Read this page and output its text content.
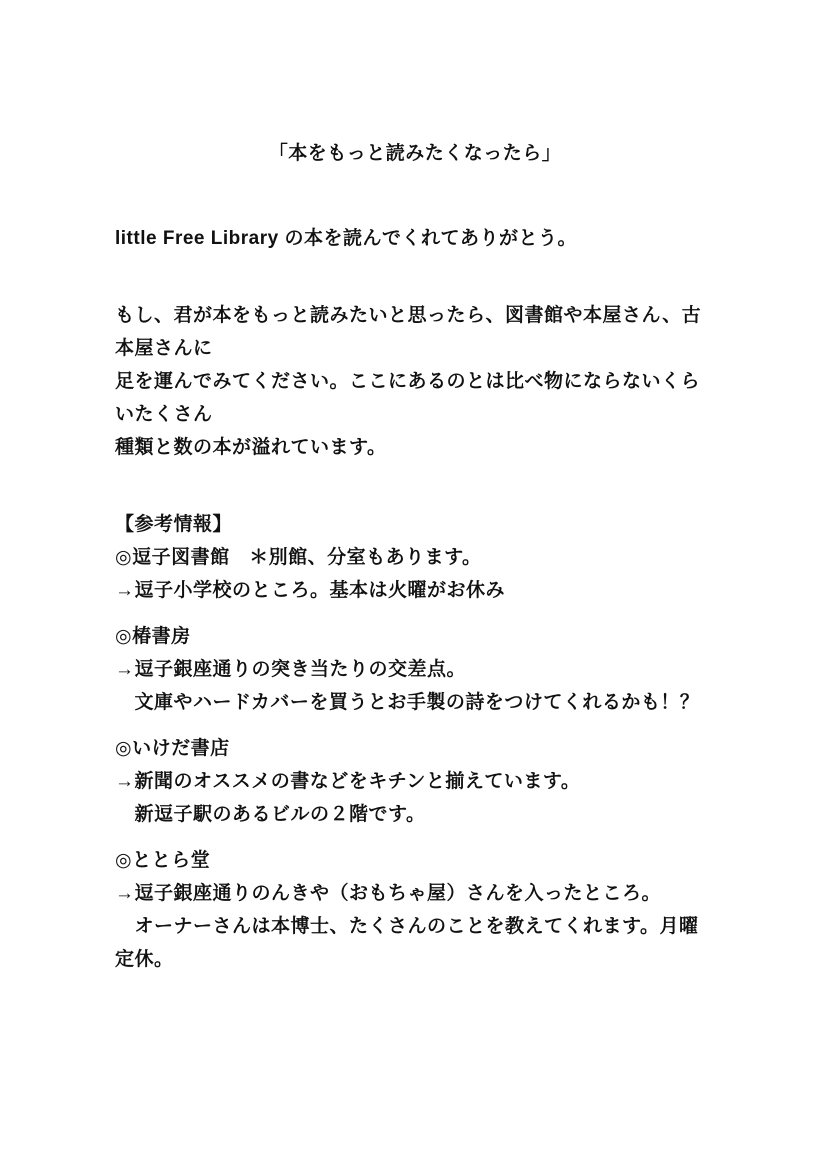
「本をもっと読みたくなったら」
little Free Library の本を読んでくれてありがとう。
もし、君が本をもっと読みたいと思ったら、図書館や本屋さん、古本屋さんに
足を運んでみてください。ここにあるのとは比べ物にならないくらいたくさん
種類と数の本が溢れています。
【参考情報】
◎逗子図書館　＊別館、分室もあります。
→逗子小学校のところ。基本は火曜がお休み
◎椿書房
→逗子銀座通りの突き当たりの交差点。
　文庫やハードカバーを買うとお手製の詩をつけてくれるかも！？
◎いけだ書店
→新聞のオススメの書などをキチンと揃えています。
　新逗子駅のあるビルの２階です。
◎ととら堂
→逗子銀座通りのんきや（おもちゃ屋）さんを入ったところ。
　オーナーさんは本博士、たくさんのことを教えてくれます。月曜定休。
